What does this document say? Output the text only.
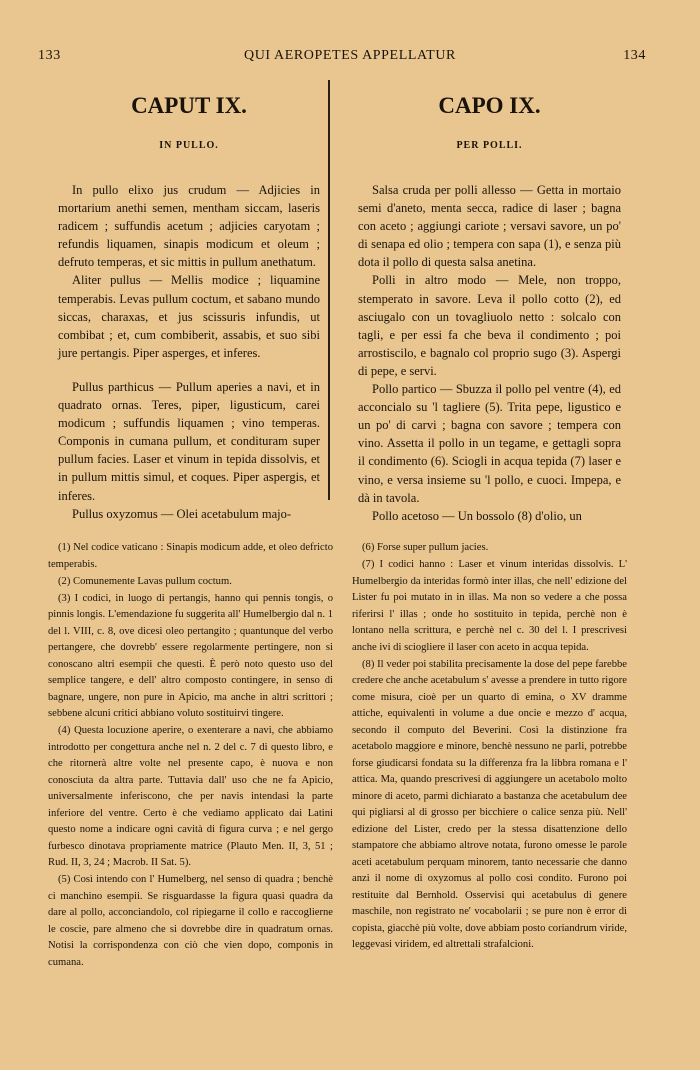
133	QUI AEROPETES APPELLATUR	134
CAPUT IX.
IN PULLO.

In pullo elixo jus crudum — Adjicies in mortarium anethi semen, mentham siccam, laseris radicem ; suffundis acetum ; adjicies caryotam ; refundis liquamen, sinapis modicum et oleum ; defruto temperas, et sic mittis in pullum anethatum.

Aliter pullus — Mellis modice ; liquamine temperabis. Levas pullum coctum, et sabano mundo siccas, charaxas, et jus scissuris infundis, ut combibat ; et, cum combiberit, assabis, et suo sibi jure pertangis. Piper asperges, et inferes.

Pullus parthicus — Pullum aperies a navi, et in quadrato ornas. Teres, piper, ligusticum, carei modicum ; suffundis liquamen ; vino temperas. Componis in cumana pullum, et condituram super pullum facies. Laser et vinum in tepida dissolvis, et in pullum mittis simul, et coques. Piper aspergis, et inferes.

Pullus oxyzomus — Olei acetabulum majo-

CAPO IX.
PER POLLI.

Salsa cruda per polli allesso — Getta in mortaio semi d'aneto, menta secca, radice di laser ; bagna con aceto ; aggiungi cariote ; versavi savore, un po' di senapa ed olio ; tempera con sapa (1), e senza più dota il pollo di questa salsa anetina.

Polli in altro modo — Mele, non troppo, stemperato in savore. Leva il pollo cotto (2), ed asciugalo con un tovagliuolo netto : solcalo con tagli, e per essi fa che beva il condimento ; poi arrostiscilo, e bagnalo col proprio sugo (3). Aspergi di pepe, e servi.

Pollo partico — Sbuzza il pollo pel ventre (4), ed acconcialo su 'l tagliere (5). Trita pepe, ligustico e un po' di carvi ; bagna con savore ; tempera con vino. Assetta il pollo in un tegame, e gettagli sopra il condimento (6). Sciogli in acqua tepida (7) laser e vino, e versa insieme su 'l pollo, e cuoci. Impepa, e dà in tavola.

Pollo acetoso — Un bossolo (8) d'olio, un

(1) Nel codice vaticano : Sinapis modicum adde, et oleo defricto temperabis.

(2) Comunemente Lavas pullum coctum.

(3) I codici, in luogo di pertangis, hanno qui pennis tongis, o pinnis longis. L'emendazione fu suggerita all' Humelbergio dal n. 1 del l. VIII, c. 8, ove dicesi oleo pertangito ; quantunque del verbo pertangere, che dovrebb' essere regolarmente pertingere, non si conoscano altri esempii che questi. È però noto questo uso del semplice tangere, e dell' altro composto contingere, in senso di bagnare, ungere, non pure in Apicio, ma anche in altri scrittori ; sebbene alcuni critici abbiano voluto sostituirvi tingere.

(4) Questa locuzione aperire, o exenterare a navi, che abbiamo introdotto per congettura anche nel n. 2 del c. 7 di questo libro, e che ritornerà altre volte nel presente capo, è nuova e non conosciuta da altra parte. Tuttavia dall' uso che ne fa Apicio, universalmente inferiscono, che per navis intendasi la parte inferiore del ventre. Certo è che vediamo applicato dai Latini questo nome a indicare ogni cavità di figura curva ; e nel gergo furbesco dinotava propriamente matrice (Plauto Men. II, 3, 51 ; Rud. II, 3, 24 ; Macrob. II Sat. 5).

(5) Così intendo con l' Humelberg, nel senso di quadra ; benchè ci manchino esempii. Se risguardasse la figura quasi quadra da dare al pollo, acconciandolo, col ripiegarne il collo e raccoglierne le coscie, pare almeno che si dovrebbe dire in quadratum ornas. Notisi la corrispondenza con ciò che vien dopo, componis in cumana.

(6) Forse super pullum jacies.

(7) I codici hanno : Laser et vinum interidas dissolvis. L' Humelbergio da interidas formò inter illas, che nell' edizione del Lister fu poi mutato in in illas. Ma non so vedere a che possa riferirsi l' illas ; onde ho sostituito in tepida, perchè non è lontano nella scrittura, e perchè nel c. 30 del l. I prescrivesi anche ivi di sciogliere il laser con aceto in acqua tepida.

(8) Il veder poi stabilita precisamente la dose del pepe farebbe credere che anche acetabulum s' avesse a prendere in tutto rigore come misura, cioè per un quarto di emina, o XV dramme attiche, equivalenti in volume a due oncie e mezzo d' acqua, secondo il computo del Beverini. Così la distinzione fra acetabolo maggiore e minore, benchè nessuno ne parli, potrebbe forse giudicarsi fondata su la differenza fra la libbra romana e l' attica. Ma, quando prescrivesi di aggiungere un acetabolo molto minore di aceto, parmi dichiarato a bastanza che acetabulum dee qui pigliarsi al di grosso per bicchiere o calice senza più. Nell' edizione del Lister, credo per la stessa disattenzione dello stampatore che abbiamo altrove notata, furono omesse le parole aceti acetabulum perquam minorem, tanto necessarie che danno anzi il nome di oxyzomus al pollo così condito. Furono poi restituite dal Bernhold. Osservisi qui acetabulus di genere maschile, non registrato ne' vocabolarii ; se pure non è error di copista, giacchè più volte, dove abbiam posto coriandrum viride, leggevasi viridem, ed altrettali strafalcioni.
